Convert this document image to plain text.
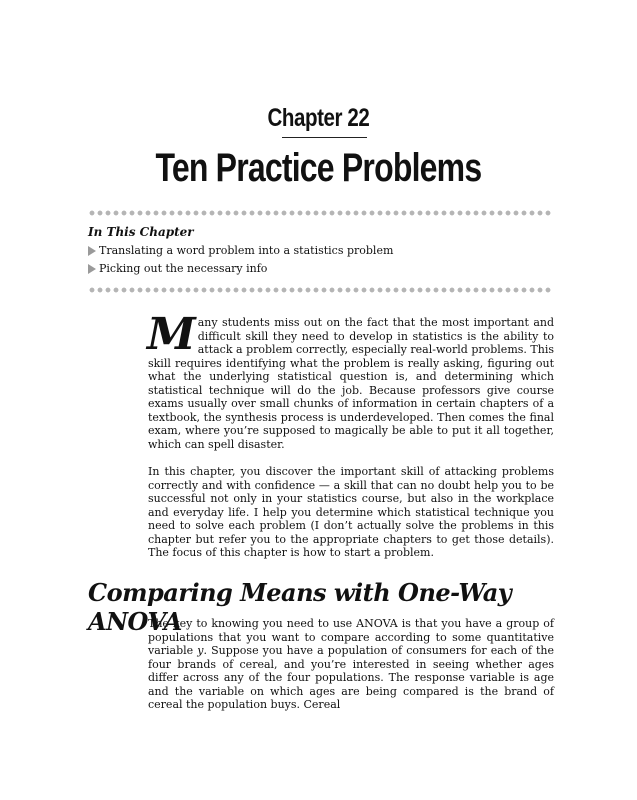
Chapter 22
Ten Practice Problems
In This Chapter
Translating a word problem into a statistics problem
Picking out the necessary info

Many students miss out on the fact that the most important and difficult skill they need to develop in statistics is the ability to attack a problem correctly, especially real-world problems. This skill requires identifying what the problem is really asking, figuring out what the underlying statistical question is, and determining which statistical technique will do the job. Because professors give course exams usually over small chunks of information in certain chapters of a textbook, the synthesis process is underdeveloped. Then comes the final exam, where you’re supposed to magically be able to put it all together, which can spell disaster.

In this chapter, you discover the important skill of attacking problems correctly and with confidence — a skill that can no doubt help you to be successful not only in your statistics course, but also in the workplace and everyday life. I help you determine which statistical technique you need to solve each problem (I don’t actually solve the problems in this chapter but refer you to the appropriate chapters to get those details). The focus of this chapter is how to start a problem.

Comparing Means with One-Way ANOVA

The key to knowing you need to use ANOVA is that you have a group of populations that you want to compare according to some quantitative variable y. Suppose you have a population of consumers for each of the four brands of cereal, and you’re interested in seeing whether ages differ across any of the four populations. The response variable is age and the variable on which ages are being compared is the brand of cereal the population buys. Cereal
